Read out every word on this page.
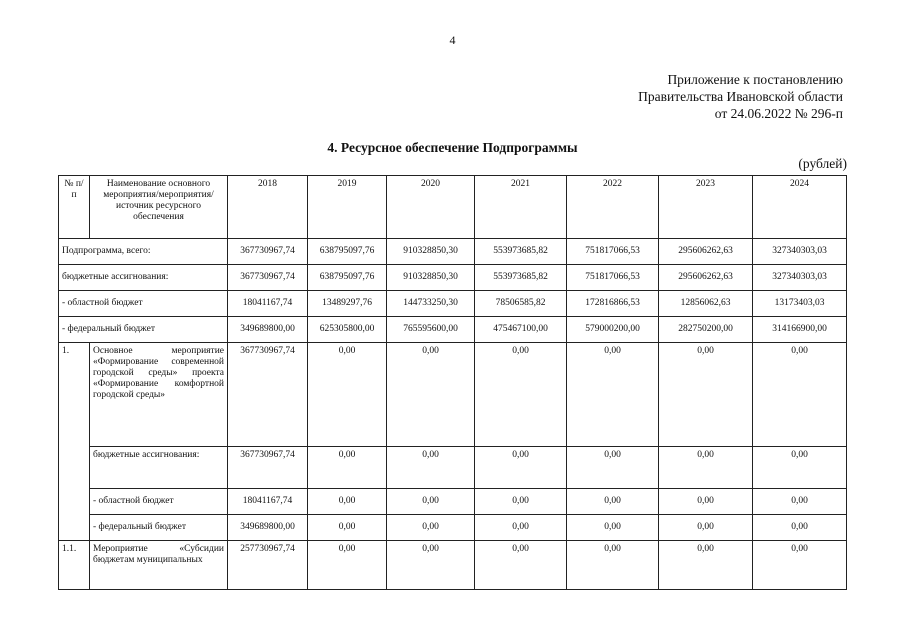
4
Приложение к постановлению
Правительства Ивановской области
от 24.06.2022 № 296-п
4. Ресурсное обеспечение Подпрограммы
(рублей)
№ п/п	Наименование основного мероприятия/мероприятия/источник ресурсного обеспечения	2018	2019	2020	2021	2022	2023	2024
Подпрограмма, всего:		367730967,74	638795097,76	910328850,30	553973685,82	751817066,53	295606262,63	327340303,03
бюджетные ассигнования:		367730967,74	638795097,76	910328850,30	553973685,82	751817066,53	295606262,63	327340303,03
- областной бюджет		18041167,74	13489297,76	144733250,30	78506585,82	172816866,53	12856062,63	13173403,03
- федеральный бюджет		349689800,00	625305800,00	765595600,00	475467100,00	579000200,00	282750200,00	314166900,00
1.	Основное мероприятие «Формирование современной городской среды» проекта «Формирование комфортной городской среды»	367730967,74	0,00	0,00	0,00	0,00	0,00	0,00
	бюджетные ассигнования:	367730967,74	0,00	0,00	0,00	0,00	0,00	0,00
	- областной бюджет	18041167,74	0,00	0,00	0,00	0,00	0,00	0,00
	- федеральный бюджет	349689800,00	0,00	0,00	0,00	0,00	0,00	0,00
1.1.	Мероприятие «Субсидии бюджетам муниципальных	257730967,74	0,00	0,00	0,00	0,00	0,00	0,00
